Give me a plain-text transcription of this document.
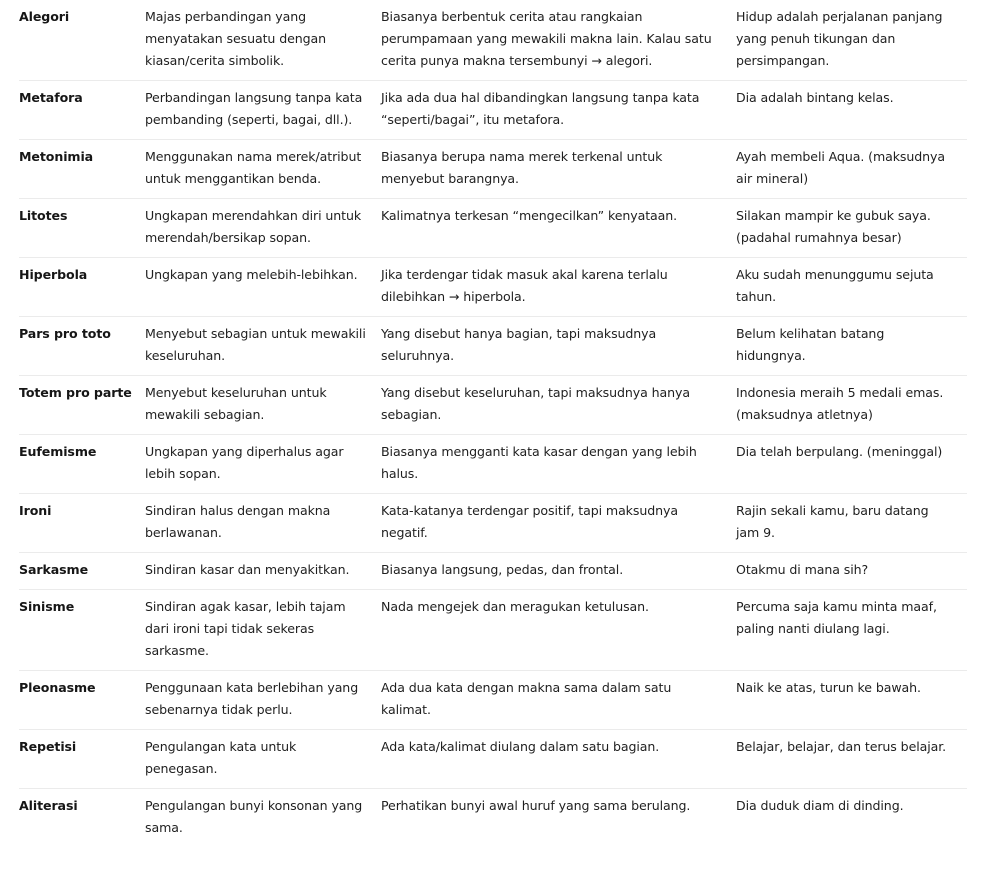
Alegori	Majas perbandingan yang menyatakan sesuatu dengan kiasan/cerita simbolik.	Biasanya berbentuk cerita atau rangkaian perumpamaan yang mewakili makna lain. Kalau satu cerita punya makna tersembunyi → alegori.	Hidup adalah perjalanan panjang yang penuh tikungan dan persimpangan.
Metafora	Perbandingan langsung tanpa kata pembanding (seperti, bagai, dll.).	Jika ada dua hal dibandingkan langsung tanpa kata “seperti/bagai”, itu metafora.	Dia adalah bintang kelas.
Metonimia	Menggunakan nama merek/atribut untuk menggantikan benda.	Biasanya berupa nama merek terkenal untuk menyebut barangnya.	Ayah membeli Aqua. (maksudnya air mineral)
Litotes	Ungkapan merendahkan diri untuk merendah/bersikap sopan.	Kalimatnya terkesan “mengecilkan” kenyataan.	Silakan mampir ke gubuk saya. (padahal rumahnya besar)
Hiperbola	Ungkapan yang melebih-lebihkan.	Jika terdengar tidak masuk akal karena terlalu dilebihkan → hiperbola.	Aku sudah menunggumu sejuta tahun.
Pars pro toto	Menyebut sebagian untuk mewakili keseluruhan.	Yang disebut hanya bagian, tapi maksudnya seluruhnya.	Belum kelihatan batang hidungnya.
Totem pro parte	Menyebut keseluruhan untuk mewakili sebagian.	Yang disebut keseluruhan, tapi maksudnya hanya sebagian.	Indonesia meraih 5 medali emas. (maksudnya atletnya)
Eufemisme	Ungkapan yang diperhalus agar lebih sopan.	Biasanya mengganti kata kasar dengan yang lebih halus.	Dia telah berpulang. (meninggal)
Ironi	Sindiran halus dengan makna berlawanan.	Kata-katanya terdengar positif, tapi maksudnya negatif.	Rajin sekali kamu, baru datang jam 9.
Sarkasme	Sindiran kasar dan menyakitkan.	Biasanya langsung, pedas, dan frontal.	Otakmu di mana sih?
Sinisme	Sindiran agak kasar, lebih tajam dari ironi tapi tidak sekeras sarkasme.	Nada mengejek dan meragukan ketulusan.	Percuma saja kamu minta maaf, paling nanti diulang lagi.
Pleonasme	Penggunaan kata berlebihan yang sebenarnya tidak perlu.	Ada dua kata dengan makna sama dalam satu kalimat.	Naik ke atas, turun ke bawah.
Repetisi	Pengulangan kata untuk penegasan.	Ada kata/kalimat diulang dalam satu bagian.	Belajar, belajar, dan terus belajar.
Aliterasi	Pengulangan bunyi konsonan yang sama.	Perhatikan bunyi awal huruf yang sama berulang.	Dia duduk diam di dinding.
